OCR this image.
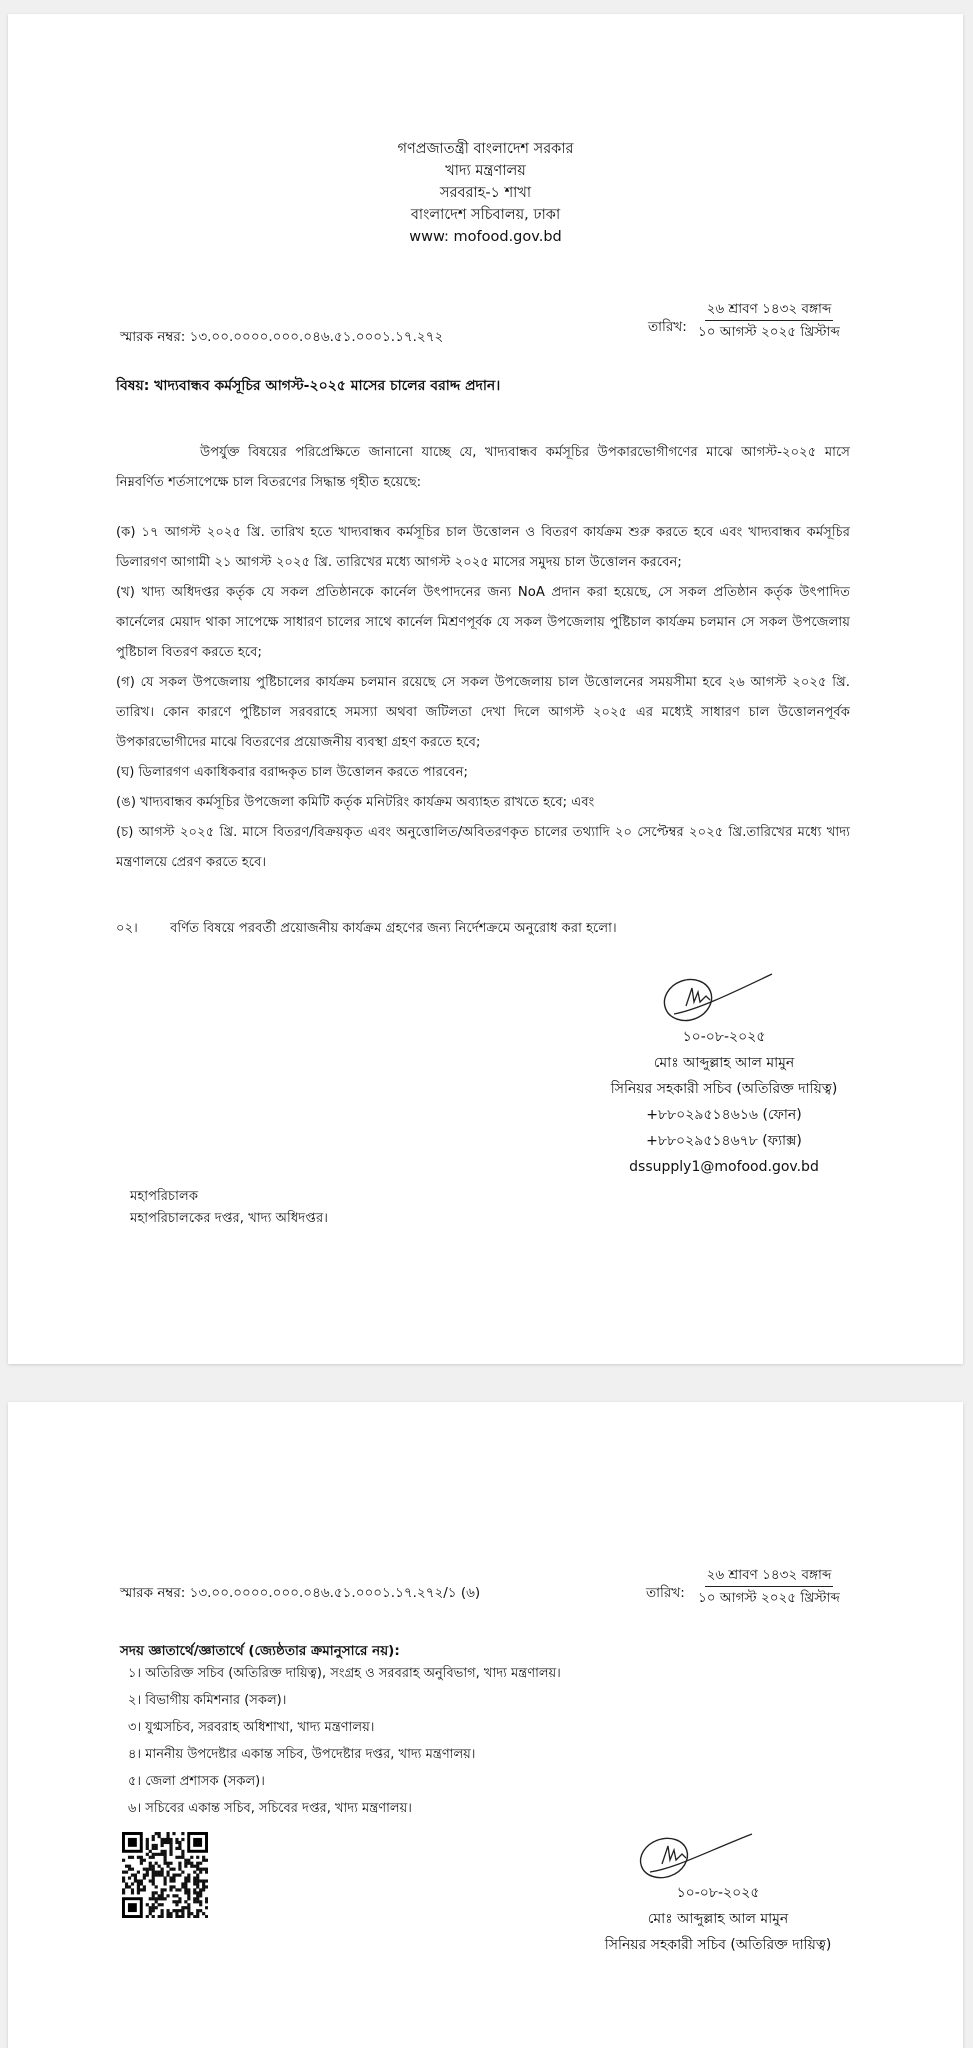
গণপ্রজাতন্ত্রী বাংলাদেশ সরকার
খাদ্য মন্ত্রণালয়
সরবরাহ-১ শাখা
বাংলাদেশ সচিবালয়, ঢাকা
www: mofood.gov.bd
স্মারক নম্বর: ১৩.০০.০০০০.০০০.০৪৬.৫১.০০০১.১৭.২৭২
তারিখ:
২৬ শ্রাবণ ১৪৩২ বঙ্গাব্দ
১০ আগস্ট ২০২৫ খ্রিস্টাব্দ
বিষয়: খাদ্যবান্ধব কর্মসূচির আগস্ট-২০২৫ মাসের চালের বরাদ্দ প্রদান।
উপর্যুক্ত বিষয়ের পরিপ্রেক্ষিতে জানানো যাচ্ছে যে, খাদ্যবান্ধব কর্মসূচির উপকারভোগীগণের মাঝে আগস্ট-২০২৫ মাসে নিম্নবর্ণিত শর্তসাপেক্ষে চাল বিতরণের সিদ্ধান্ত গৃহীত হয়েছে:

(ক) ১৭ আগস্ট ২০২৫ খ্রি. তারিখ হতে খাদ্যবান্ধব কর্মসূচির চাল উত্তোলন ও বিতরণ কার্যক্রম শুরু করতে হবে এবং খাদ্যবান্ধব কর্মসূচির ডিলারগণ আগামী ২১ আগস্ট ২০২৫ খ্রি. তারিখের মধ্যে আগস্ট ২০২৫ মাসের সমুদয় চাল উত্তোলন করবেন;

(খ) খাদ্য অধিদপ্তর কর্তৃক যে সকল প্রতিষ্ঠানকে কার্নেল উৎপাদনের জন্য NoA প্রদান করা হয়েছে, সে সকল প্রতিষ্ঠান কর্তৃক উৎপাদিত কার্নেলের মেয়াদ থাকা সাপেক্ষে সাধারণ চালের সাথে কার্নেল মিশ্রণপূর্বক যে সকল উপজেলায় পুষ্টিচাল কার্যক্রম চলমান সে সকল উপজেলায় পুষ্টিচাল বিতরণ করতে হবে;

(গ) যে সকল উপজেলায় পুষ্টিচালের কার্যক্রম চলমান রয়েছে সে সকল উপজেলায় চাল উত্তোলনের সময়সীমা হবে ২৬ আগস্ট ২০২৫ খ্রি. তারিখ। কোন কারণে পুষ্টিচাল সরবরাহে সমস্যা অথবা জটিলতা দেখা দিলে আগস্ট ২০২৫ এর মধ্যেই সাধারণ চাল উত্তোলনপূর্বক উপকারভোগীদের মাঝে বিতরণের প্রয়োজনীয় ব্যবস্থা গ্রহণ করতে হবে;

(ঘ) ডিলারগণ একাধিকবার বরাদ্দকৃত চাল উত্তোলন করতে পারবেন;

(ঙ) খাদ্যবান্ধব কর্মসূচির উপজেলা কমিটি কর্তৃক মনিটরিং কার্যক্রম অব্যাহত রাখতে হবে; এবং

(চ) আগস্ট ২০২৫ খ্রি. মাসে বিতরণ/বিক্রয়কৃত এবং অনুত্তোলিত/অবিতরণকৃত চালের তথ্যাদি ২০ সেপ্টেম্বর ২০২৫ খ্রি.তারিখের মধ্যে খাদ্য মন্ত্রণালয়ে প্রেরণ করতে হবে।

০২। বর্ণিত বিষয়ে পরবর্তী প্রয়োজনীয় কার্যক্রম গ্রহণের জন্য নির্দেশক্রমে অনুরোধ করা হলো।
১০-০৮-২০২৫
মোঃ আব্দুল্লাহ আল মামুন
সিনিয়র সহকারী সচিব (অতিরিক্ত দায়িত্ব)
+৮৮০২৯৫১৪৬১৬ (ফোন)
+৮৮০২৯৫১৪৬৭৮ (ফ্যাক্স)
dssupply1@mofood.gov.bd
মহাপরিচালক
মহাপরিচালকের দপ্তর, খাদ্য অধিদপ্তর।
স্মারক নম্বর: ১৩.০০.০০০০.০০০.০৪৬.৫১.০০০১.১৭.২৭২/১ (৬)	তারিখ:
২৬ শ্রাবণ ১৪৩২ বঙ্গাব্দ
১০ আগস্ট ২০২৫ খ্রিস্টাব্দ
সদয় জ্ঞাতার্থে/জ্ঞাতার্থে (জ্যেষ্ঠতার ক্রমানুসারে নয়):
১। অতিরিক্ত সচিব (অতিরিক্ত দায়িত্ব), সংগ্রহ ও সরবরাহ অনুবিভাগ, খাদ্য মন্ত্রণালয়।
২। বিভাগীয় কমিশনার (সকল)।
৩। যুগ্মসচিব, সরবরাহ অধিশাখা, খাদ্য মন্ত্রণালয়।
৪। মাননীয় উপদেষ্টার একান্ত সচিব, উপদেষ্টার দপ্তর, খাদ্য মন্ত্রণালয়।
৫। জেলা প্রশাসক (সকল)।
৬। সচিবের একান্ত সচিব, সচিবের দপ্তর, খাদ্য মন্ত্রণালয়।
১০-০৮-২০২৫
মোঃ আব্দুল্লাহ আল মামুন
সিনিয়র সহকারী সচিব (অতিরিক্ত দায়িত্ব)
